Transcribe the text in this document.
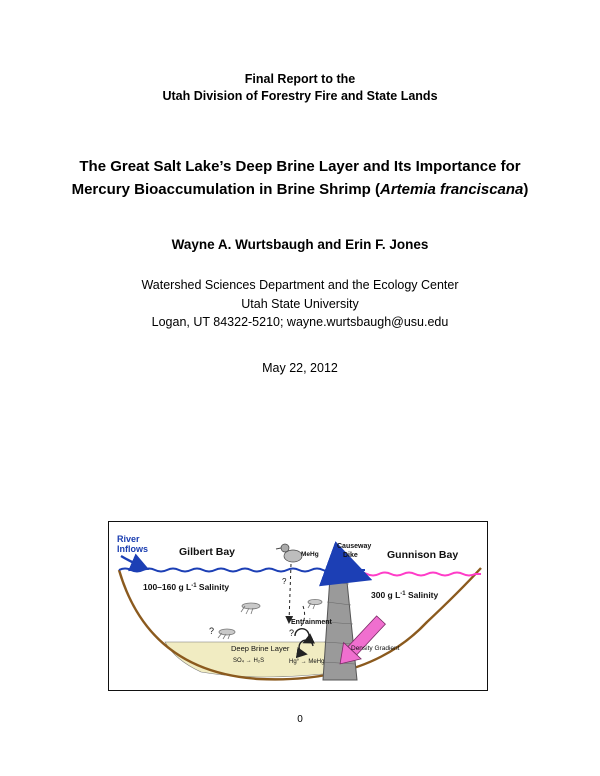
Final Report to the
Utah Division of Forestry Fire and State Lands
The Great Salt Lake’s Deep Brine Layer and Its Importance for
Mercury Bioaccumulation in Brine Shrimp (Artemia franciscana)
Wayne A. Wurtsbaugh and Erin F. Jones
Watershed Sciences Department and the Ecology Center
Utah State University
Logan, UT 84322-5210; wayne.wurtsbaugh@usu.edu
May 22, 2012
River
Inflows	Gilbert Bay	MeHg
Causeway
Dike	Gunnison Bay
100–160 g $L^{-1}$ Salinity
300 g $L^{-1}$ Salinity
?
?	?
Entrainment
Deep Brine Layer
SO₄ → H₂S	Hg° → MeHg
Density Gradient
0
